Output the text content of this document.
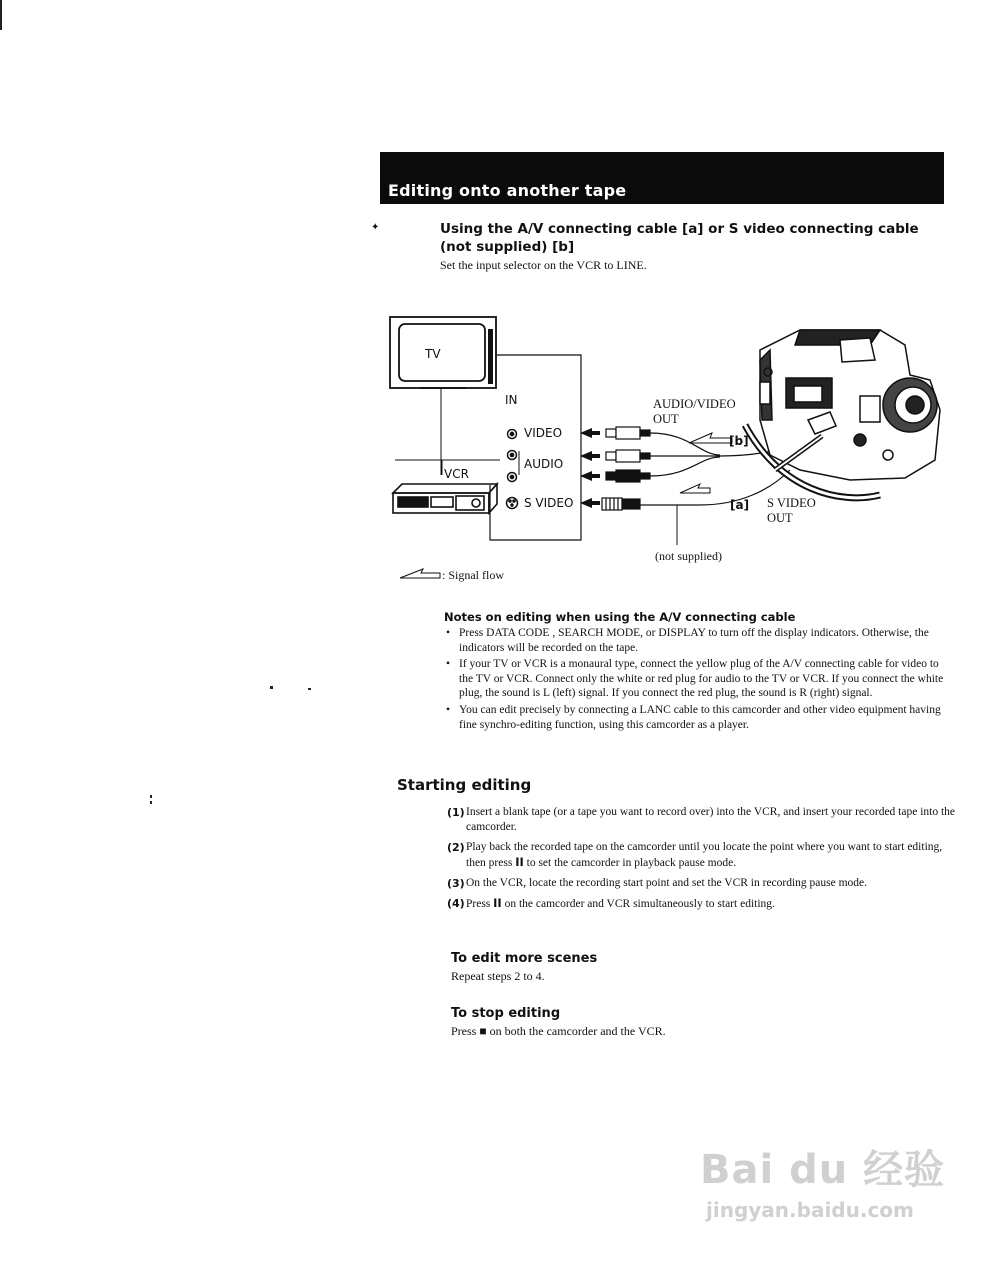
Editing onto another tape
✦	Using the A/V connecting cable [a] or S video connecting cable
(not supplied) [b]
Set the input selector on the VCR to LINE.
TV
VCR
IN
VIDEO
AUDIO
S VIDEO
AUDIO/VIDEO
OUT
[b]
[a] S VIDEO
OUT
(not supplied)
: Signal flow
Notes on editing when using the A/V connecting cable
• Press DATA CODE , SEARCH MODE, or DISPLAY to turn off the display indicators. Otherwise, the indicators will be recorded on the tape.
• If your TV or VCR is a monaural type, connect the yellow plug of the A/V connecting cable for video to the TV or VCR. Connect only the white or red plug for audio to the TV or VCR. If you connect the white plug, the sound is L (left) signal. If you connect the red plug, the sound is R (right) signal.
• You can edit precisely by connecting a LANC cable to this camcorder and other video equipment having fine synchro-editing function, using this camcorder as a player.
Starting editing
(1) Insert a blank tape (or a tape you want to record over) into the VCR, and insert your recorded tape into the camcorder.
(2) Play back the recorded tape on the camcorder until you locate the point where you want to start editing, then press II to set the camcorder in playback pause mode.
(3) On the VCR, locate the recording start point and set the VCR in recording pause mode.
(4) Press II on the camcorder and VCR simultaneously to start editing.
To edit more scenes
Repeat steps 2 to 4.
To stop editing
Press ■ on both the camcorder and the VCR.
Bai du 经验
jingyan.baidu.com
